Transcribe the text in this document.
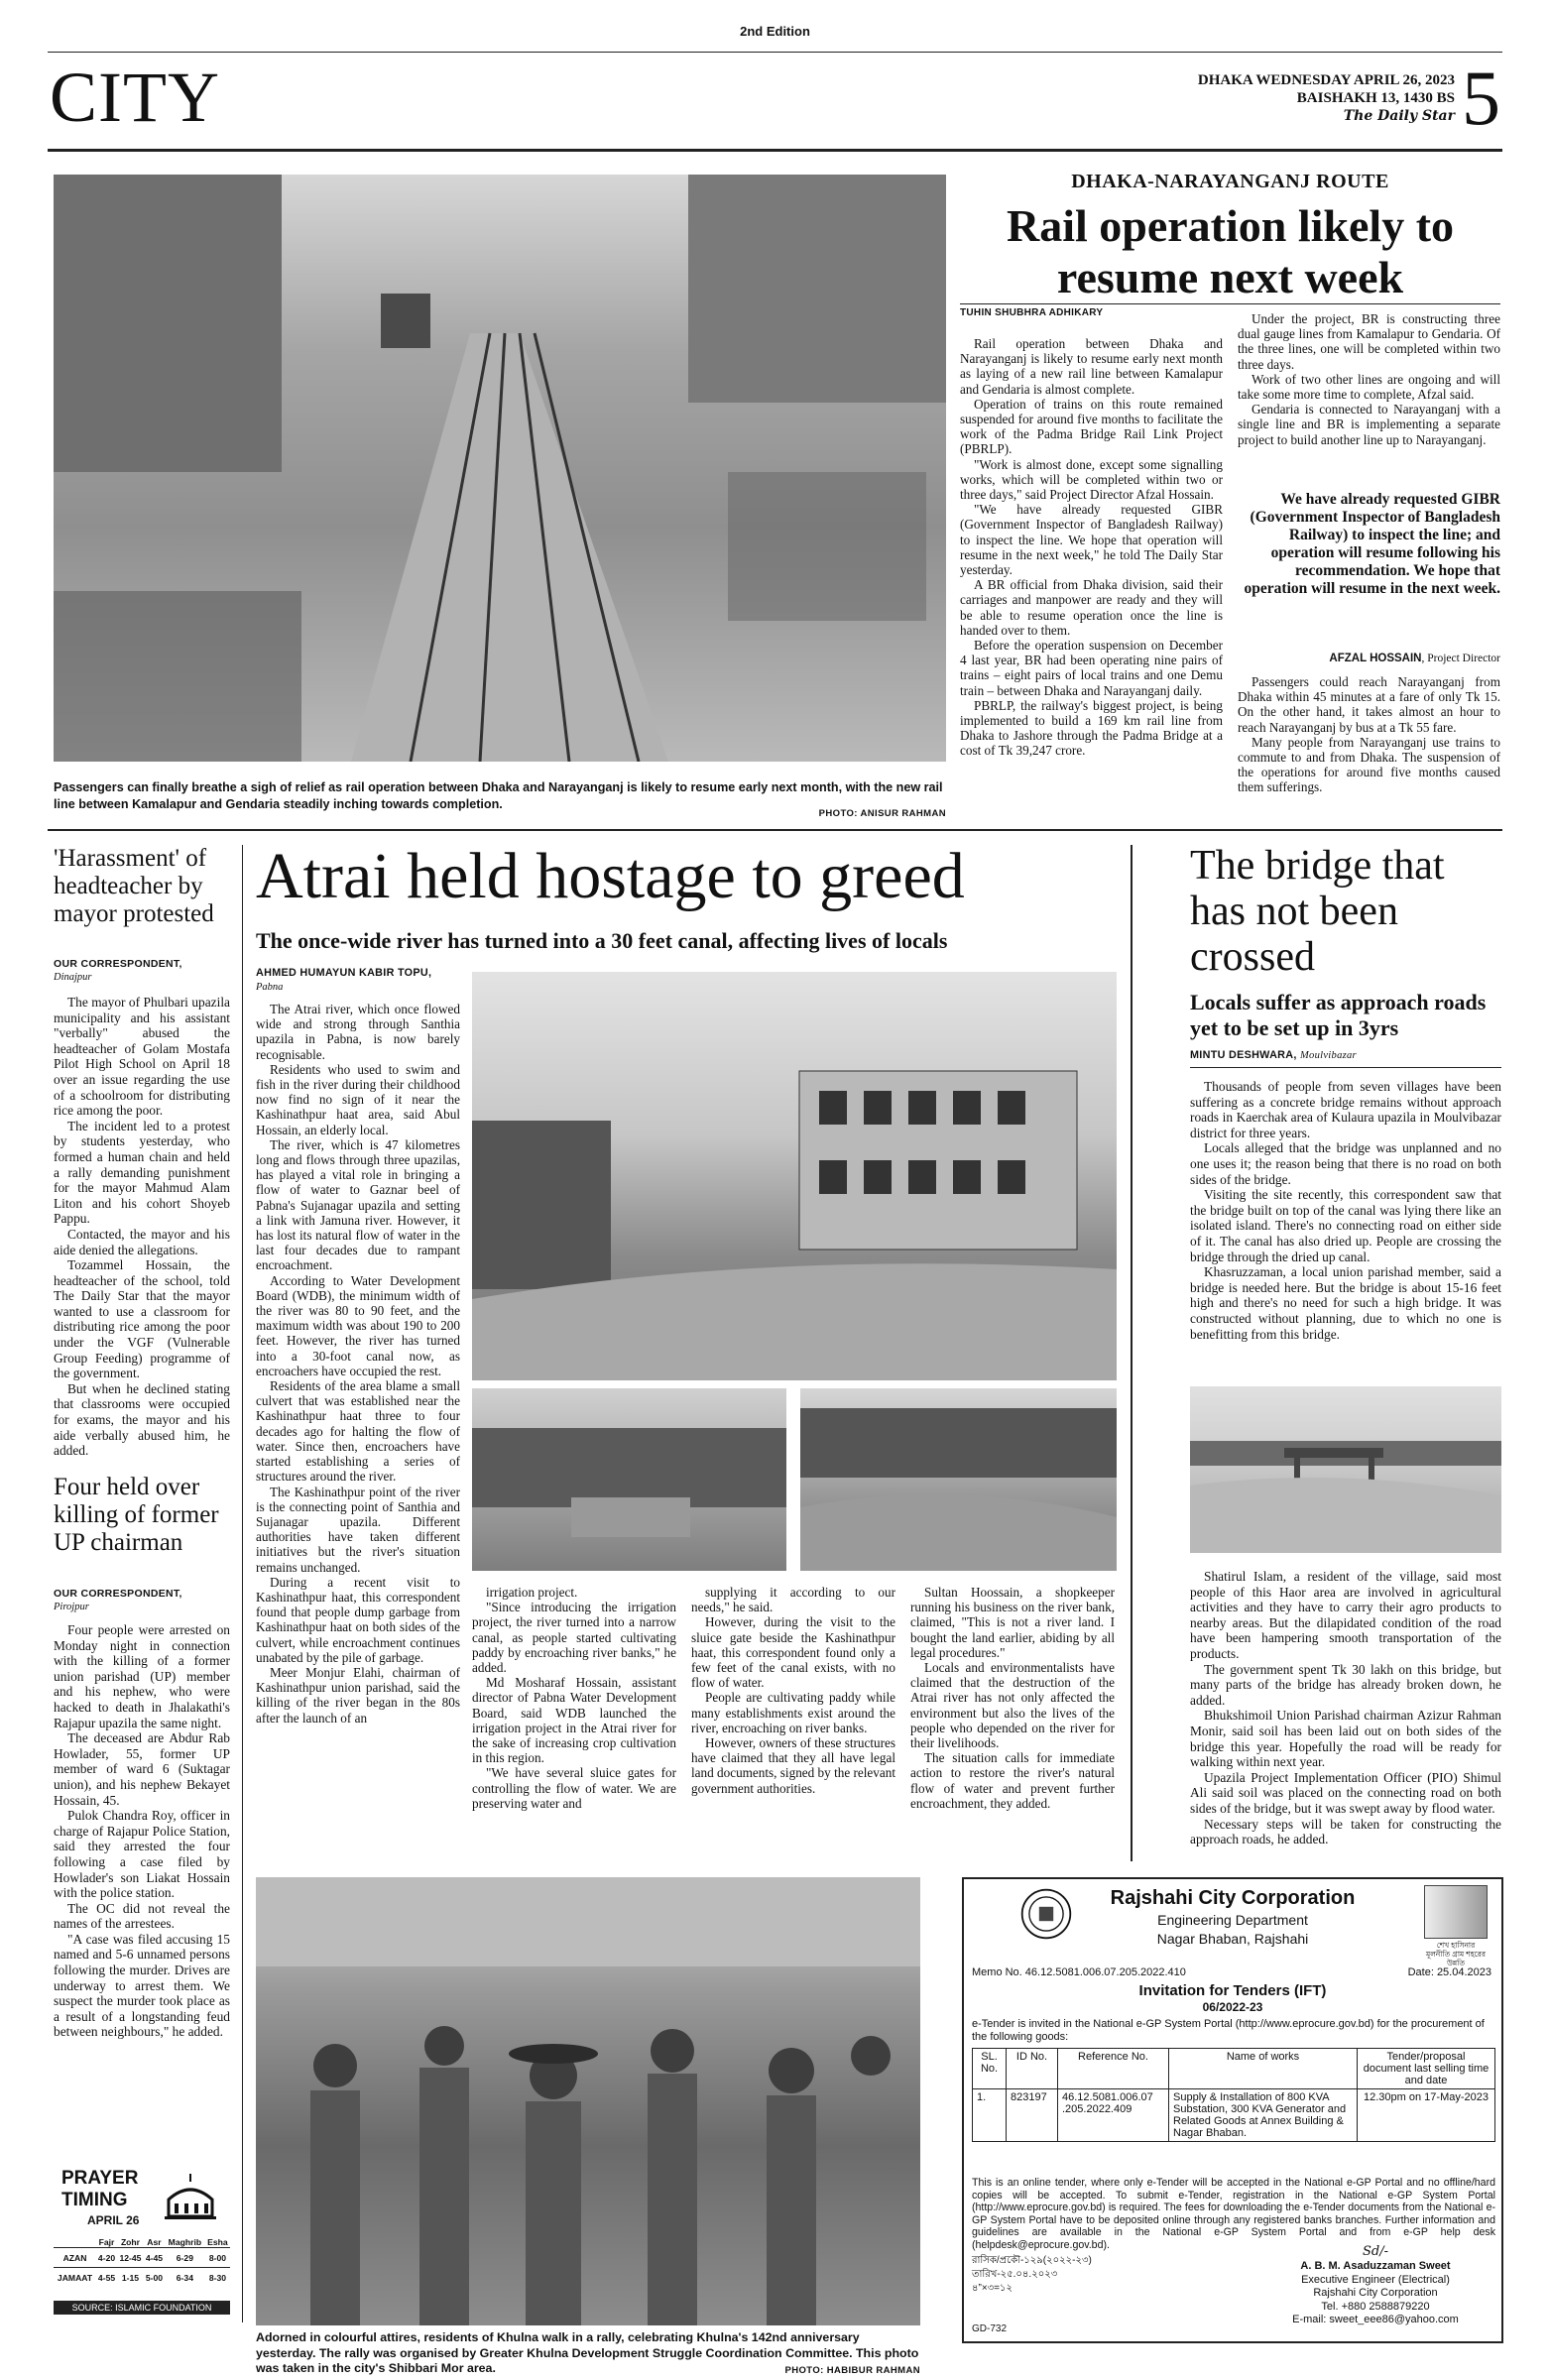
2nd Edition
CITY	DHAKA WEDNESDAY APRIL 26, 2023
BAISHAKH 13, 1430 BS
The Daily Star 5
Passengers can finally breathe a sigh of relief as rail operation between Dhaka and Narayanganj is likely to resume early next month, with the new rail line between Kamalapur and Gendaria steadily inching towards completion.
PHOTO: ANISUR RAHMAN
DHAKA-NARAYANGANJ ROUTE
Rail operation likely to resume next week
TUHIN SHUBHRA ADHIKARY

Rail operation between Dhaka and Narayanganj is likely to resume early next month as laying of a new rail line between Kamalapur and Gendaria is almost complete.

Operation of trains on this route remained suspended for around five months to facilitate the work of the Padma Bridge Rail Link Project (PBRLP).

"Work is almost done, except some signalling works, which will be completed within two or three days," said Project Director Afzal Hossain.

"We have already requested GIBR (Government Inspector of Bangladesh Railway) to inspect the line. We hope that operation will resume in the next week," he told The Daily Star yesterday.

A BR official from Dhaka division, said their carriages and manpower are ready and they will be able to resume operation once the line is handed over to them.

Before the operation suspension on December 4 last year, BR had been operating nine pairs of trains – eight pairs of local trains and one Demu train – between Dhaka and Narayanganj daily.

PBRLP, the railway's biggest project, is being implemented to build a 169 km rail line from Dhaka to Jashore through the Padma Bridge at a cost of Tk 39,247 crore.

Under the project, BR is constructing three dual gauge lines from Kamalapur to Gendaria. Of the three lines, one will be completed within two three days.

Work of two other lines are ongoing and will take some more time to complete, Afzal said.

Gendaria is connected to Narayanganj with a single line and BR is implementing a separate project to build another line up to Narayanganj.

We have already requested GIBR (Government Inspector of Bangladesh Railway) to inspect the line; and operation will resume following his recommendation. We hope that operation will resume in the next week.
AFZAL HOSSAIN, Project Director

Passengers could reach Narayanganj from Dhaka within 45 minutes at a fare of only Tk 15. On the other hand, it takes almost an hour to reach Narayanganj by bus at a Tk 55 fare.

Many people from Narayanganj use trains to commute to and from Dhaka. The suspension of the operations for around five months caused them sufferings.

'Harassment' of headteacher by mayor protested
OUR CORRESPONDENT,
Dinajpur

The mayor of Phulbari upazila municipality and his assistant "verbally" abused the headteacher of Golam Mostafa Pilot High School on April 18 over an issue regarding the use of a schoolroom for distributing rice among the poor.

The incident led to a protest by students yesterday, who formed a human chain and held a rally demanding punishment for the mayor Mahmud Alam Liton and his cohort Shoyeb Pappu.

Contacted, the mayor and his aide denied the allegations.

Tozammel Hossain, the headteacher of the school, told The Daily Star that the mayor wanted to use a classroom for distributing rice among the poor under the VGF (Vulnerable Group Feeding) programme of the government.

But when he declined stating that classrooms were occupied for exams, the mayor and his aide verbally abused him, he added.

Four held over killing of former UP chairman
OUR CORRESPONDENT,
Pirojpur

Four people were arrested on Monday night in connection with the killing of a former union parishad (UP) member and his nephew, who were hacked to death in Jhalakathi's Rajapur upazila the same night.

The deceased are Abdur Rab Howlader, 55, former UP member of ward 6 (Suktagar union), and his nephew Bekayet Hossain, 45.

Pulok Chandra Roy, officer in charge of Rajapur Police Station, said they arrested the four following a case filed by Howlader's son Liakat Hossain with the police station.

The OC did not reveal the names of the arrestees.

"A case was filed accusing 15 named and 5-6 unnamed persons following the murder. Drives are underway to arrest them. We suspect the murder took place as a result of a longstanding feud between neighbours," he added.

PRAYER
TIMING
APRIL 26
	Fajr	Zohr	Asr	Maghrib	Esha
AZAN	4-20	12-45	4-45	6-29	8-00
JAMAAT	4-55	1-15	5-00	6-34	8-30
SOURCE: ISLAMIC FOUNDATION
Atrai held hostage to greed
The once-wide river has turned into a 30 feet canal, affecting lives of locals
AHMED HUMAYUN KABIR TOPU,
Pabna

The Atrai river, which once flowed wide and strong through Santhia upazila in Pabna, is now barely recognisable.

Residents who used to swim and fish in the river during their childhood now find no sign of it near the Kashinathpur haat area, said Abul Hossain, an elderly local.

The river, which is 47 kilometres long and flows through three upazilas, has played a vital role in bringing a flow of water to Gaznar beel of Pabna's Sujanagar upazila and setting a link with Jamuna river. However, it has lost its natural flow of water in the last four decades due to rampant encroachment.

According to Water Development Board (WDB), the minimum width of the river was 80 to 90 feet, and the maximum width was about 190 to 200 feet. However, the river has turned into a 30-foot canal now, as encroachers have occupied the rest.

Residents of the area blame a small culvert that was established near the Kashinathpur haat three to four decades ago for halting the flow of water. Since then, encroachers have started establishing a series of structures around the river.

The Kashinathpur point of the river is the connecting point of Santhia and Sujanagar upazila. Different authorities have taken different initiatives but the river's situation remains unchanged.

During a recent visit to Kashinathpur haat, this correspondent found that people dump garbage from Kashinathpur haat on both sides of the culvert, while encroachment continues unabated by the pile of garbage.

Meer Monjur Elahi, chairman of Kashinathpur union parishad, said the killing of the river began in the 80s after the launch of an

irrigation project.

"Since introducing the irrigation project, the river turned into a narrow canal, as people started cultivating paddy by encroaching river banks," he added.

Md Mosharaf Hossain, assistant director of Pabna Water Development Board, said WDB launched the irrigation project in the Atrai river for the sake of increasing crop cultivation in this region.

"We have several sluice gates for controlling the flow of water. We are preserving water and

supplying it according to our needs," he said.

However, during the visit to the sluice gate beside the Kashinathpur haat, this correspondent found only a few feet of the canal exists, with no flow of water.

People are cultivating paddy while many establishments exist around the river, encroaching on river banks.

However, owners of these structures have claimed that they all have legal land documents, signed by the relevant government authorities.

Sultan Hoossain, a shopkeeper running his business on the river bank, claimed, "This is not a river land. I bought the land earlier, abiding by all legal procedures."

Locals and environmentalists have claimed that the destruction of the Atrai river has not only affected the environment but also the lives of the people who depended on the river for their livelihoods.

The situation calls for immediate action to restore the river's natural flow of water and prevent further encroachment, they added.

The bridge that has not been crossed
Locals suffer as approach roads yet to be set up in 3yrs
MINTU DESHWARA, Moulvibazar

Thousands of people from seven villages have been suffering as a concrete bridge remains without approach roads in Kaerchak area of Kulaura upazila in Moulvibazar district for three years.

Locals alleged that the bridge was unplanned and no one uses it; the reason being that there is no road on both sides of the bridge.

Visiting the site recently, this correspondent saw that the bridge built on top of the canal was lying there like an isolated island. There's no connecting road on either side of it. The canal has also dried up. People are crossing the bridge through the dried up canal.

Khasruzzaman, a local union parishad member, said a bridge is needed here. But the bridge is about 15-16 feet high and there's no need for such a high bridge. It was constructed without planning, due to which no one is benefitting from this bridge.

Shatirul Islam, a resident of the village, said most people of this Haor area are involved in agricultural activities and they have to carry their agro products to nearby areas. But the dilapidated condition of the road have been hampering smooth transportation of the products.

The government spent Tk 30 lakh on this bridge, but many parts of the bridge has already broken down, he added.

Bhukshimoil Union Parishad chairman Azizur Rahman Monir, said soil has been laid out on both sides of the bridge this year. Hopefully the road will be ready for walking within next year.

Upazila Project Implementation Officer (PIO) Shimul Ali said soil was placed on the connecting road on both sides of the bridge, but it was swept away by flood water.

Necessary steps will be taken for constructing the approach roads, he added.

Adorned in colourful attires, residents of Khulna walk in a rally, celebrating Khulna's 142nd anniversary yesterday. The rally was organised by Greater Khulna Development Struggle Coordination Committee. This photo was taken in the city's Shibbari Mor area.	PHOTO: HABIBUR RAHMAN
Rajshahi City Corporation
Engineering Department
Nagar Bhaban, Rajshahi	শেখ হাসিনার মূলনীতি গ্রাম শহরের উন্নতি
Memo No. 46.12.5081.006.07.205.2022.410	Date: 25.04.2023
Invitation for Tenders (IFT)
06/2022-23
e-Tender is invited in the National e-GP System Portal (http://www.eprocure.gov.bd) for the procurement of the following goods:
SL. No.	ID No.	Reference No.	Name of works	Tender/proposal document last selling time and date
1.	823197	46.12.5081.006.07 .205.2022.409	Supply & Installation of 800 KVA Substation, 300 KVA Generator and Related Goods at Annex Building & Nagar Bhaban.	12.30pm on 17-May-2023
This is an online tender, where only e-Tender will be accepted in the National e-GP Portal and no offline/hard copies will be accepted. To submit e-Tender, registration in the National e-GP System Portal (http://www.eprocure.gov.bd) is required. The fees for downloading the e-Tender documents from the National e-GP System Portal have to be deposited online through any registered banks branches. Further information and guidelines are available in the National e-GP System Portal and from e-GP help desk (helpdesk@eprocure.gov.bd).
রাসিক/প্রকৌ-১২৯(২০২২-২৩)
তারিখ-২৫.০৪.২০২৩
৪”×৩=১২
Sd/-
A. B. M. Asaduzzaman Sweet
Executive Engineer (Electrical)
Rajshahi City Corporation
Tel. +880 2588879220
E-mail: sweet_eee86@yahoo.com
GD-732
